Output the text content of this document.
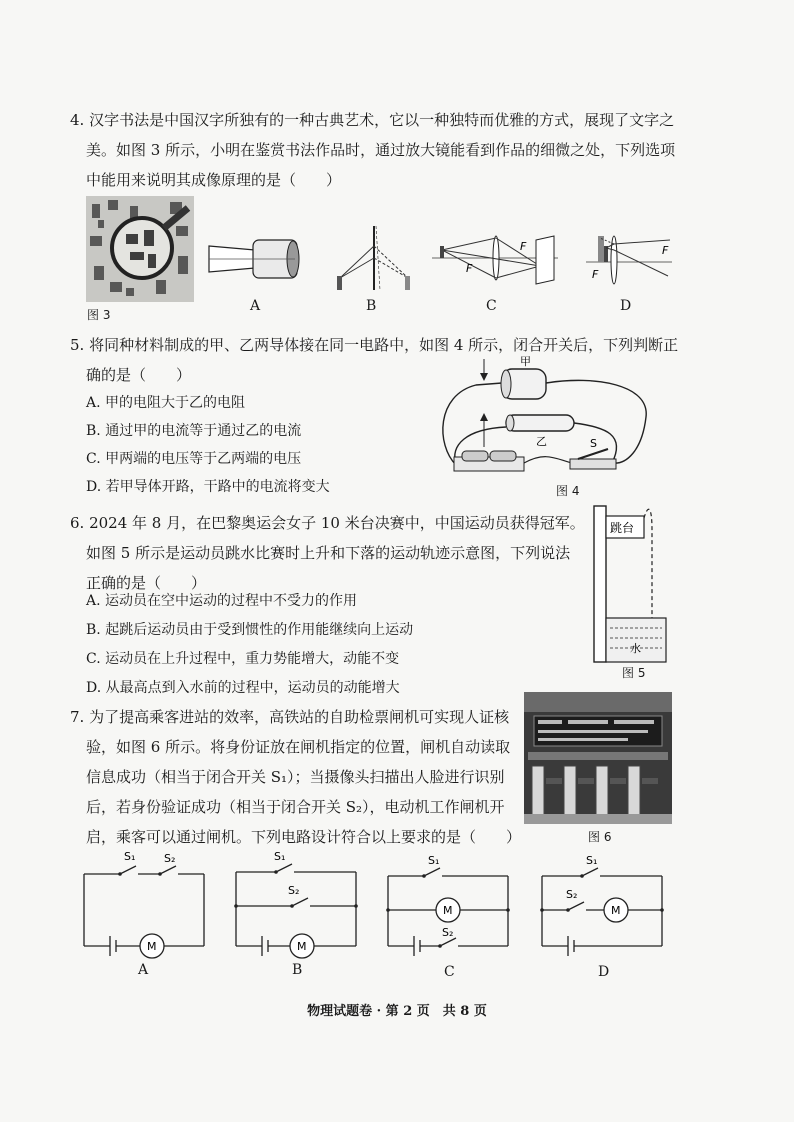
4. 汉字书法是中国汉字所独有的一种古典艺术，它以一种独特而优雅的方式，展现了文字之
美。如图 3 所示，小明在鉴赏书法作品时，通过放大镜能看到作品的细微之处，下列选项
中能用来说明其成像原理的是（　　）
图 3
A	B
F
F
C
F
F
D
5. 将同种材料制成的甲、乙两导体接在同一电路中，如图 4 所示，闭合开关后，下列判断正
确的是（　　）
A. 甲的电阻大于乙的电阻
B. 通过甲的电流等于通过乙的电流
C. 甲两端的电压等于乙两端的电压
D. 若甲导体开路，干路中的电流将变大
甲
乙	S
图 4
6. 2024 年 8 月，在巴黎奥运会女子 10 米台决赛中，中国运动员获得冠军。
如图 5 所示是运动员跳水比赛时上升和下落的运动轨迹示意图，下列说法
正确的是（　　）
A. 运动员在空中运动的过程中不受力的作用
B. 起跳后运动员由于受到惯性的作用能继续向上运动
C. 运动员在上升过程中，重力势能增大，动能不变
D. 从最高点到入水前的过程中，运动员的动能增大
跳台
水
图 5
7. 为了提高乘客进站的效率，高铁站的自助检票闸机可实现人证核
验，如图 6 所示。将身份证放在闸机指定的位置，闸机自动读取
信息成功（相当于闭合开关 S₁）；当摄像头扫描出人脸进行识别
后，若身份验证成功（相当于闭合开关 S₂），电动机工作闸机开
启，乘客可以通过闸机。下列电路设计符合以上要求的是（　　）	图 6
S₁	S₂
M
A
S₁
S₂
M
B
S₁
S₂
M
C
S₁
S₂
M
D
物理试题卷 · 第 2 页　共 8 页
